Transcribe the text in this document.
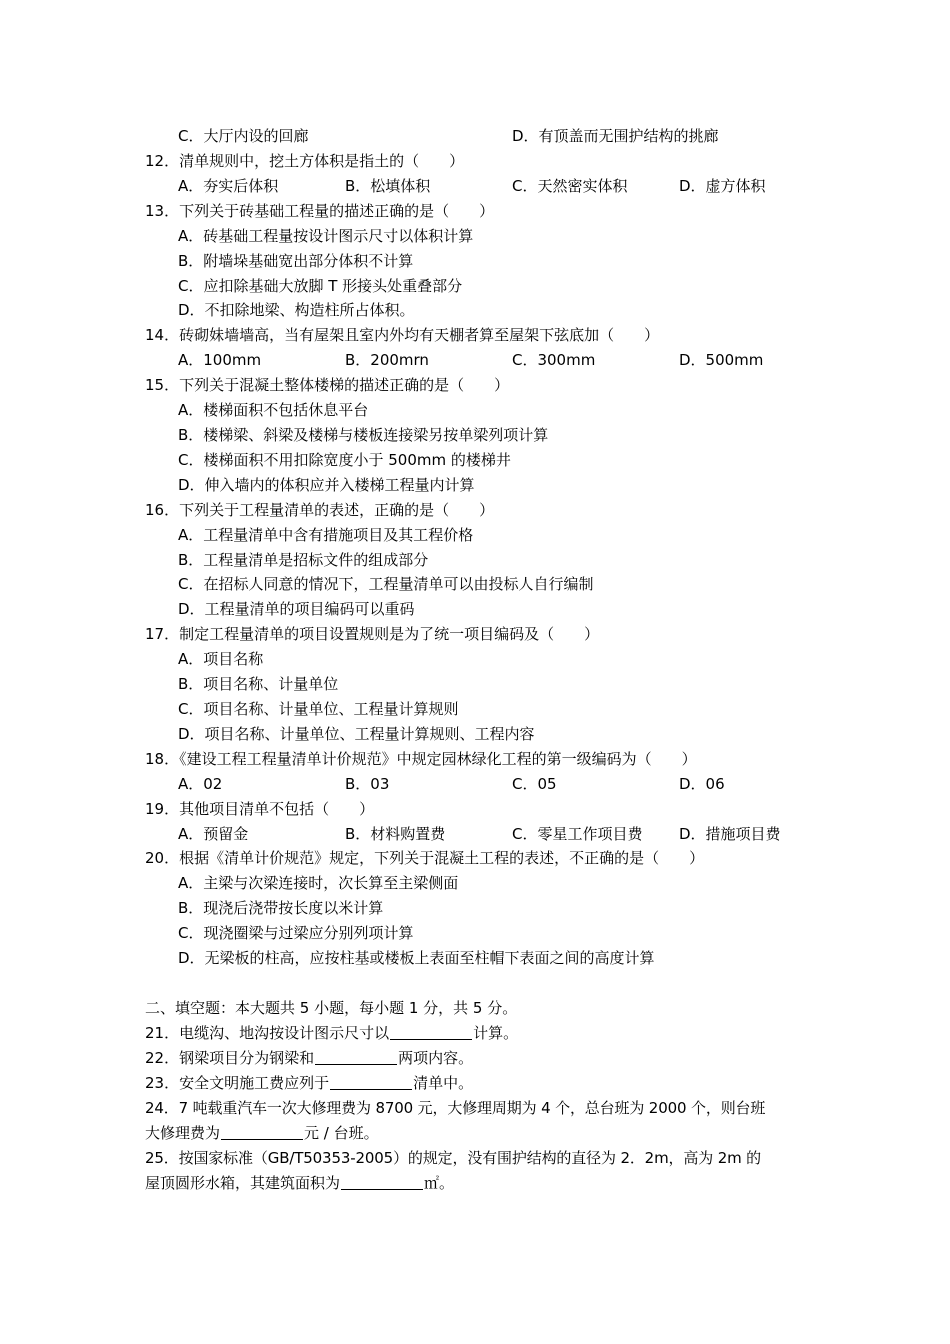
C．大厅内设的回廊	D．有顶盖而无围护结构的挑廊
12．清单规则中，挖土方体积是指土的（　　）
A．夯实后体积	B．松填体积	C．天然密实体积	D．虚方体积
13．下列关于砖基础工程量的描述正确的是（　　）
A．砖基础工程量按设计图示尺寸以体积计算
B．附墙垛基础宽出部分体积不计算
C．应扣除基础大放脚 T 形接头处重叠部分
D．不扣除地梁、构造柱所占体积。
14．砖砌妹墙墙高，当有屋架且室内外均有天棚者算至屋架下弦底加（　　）
A．100mm	B．200mrn	C．300mm	D．500mm
15．下列关于混凝土整体楼梯的描述正确的是（　　）
A．楼梯面积不包括休息平台
B．楼梯梁、斜梁及楼梯与楼板连接梁另按单梁列项计算
C．楼梯面积不用扣除宽度小于 500mm 的楼梯井
D．伸入墙内的体积应并入楼梯工程量内计算
16．下列关于工程量清单的表述，正确的是（　　）
A．工程量清单中含有措施项目及其工程价格
B．工程量清单是招标文件的组成部分
C．在招标人同意的情况下，工程量清单可以由投标人自行编制
D．工程量清单的项目编码可以重码
17．制定工程量清单的项目设置规则是为了统一项目编码及（　　）
A．项目名称
B．项目名称、计量单位
C．项目名称、计量单位、工程量计算规则
D．项目名称、计量单位、工程量计算规则、工程内容
18．《建设工程工程量清单计价规范》中规定园林绿化工程的第一级编码为（　　）
A．02	B．03	C．05	D．06
19．其他项目清单不包括（　　）
A．预留金	B．材料购置费	C．零星工作项目费 D．措施项目费
20．根据《清单计价规范》规定，下列关于混凝土工程的表述，不正确的是（　　）
A．主梁与次梁连接时，次长算至主梁侧面
B．现浇后浇带按长度以米计算
C．现浇圈梁与过梁应分别列项计算
D．无梁板的柱高，应按柱基或楼板上表面至柱帽下表面之间的高度计算
二、填空题：本大题共 5 小题，每小题 1 分，共 5 分。
21．电缆沟、地沟按设计图示尺寸以	计算。
22．钢梁项目分为钢梁和	两项内容。
23．安全文明施工费应列于	清单中。
24．7 吨载重汽车一次大修理费为 8700 元，大修理周期为 4 个，总台班为 2000 个，则台班
大修理费为	元 / 台班。
25．按国家标准（GB/T50353-2005）的规定，没有围护结构的直径为 2．2m，高为 2m 的
屋顶圆形水箱，其建筑面积为	㎡。
